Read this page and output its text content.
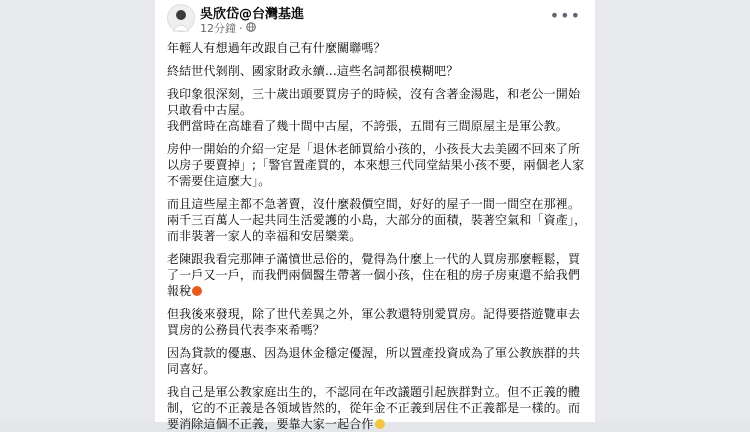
吳欣岱@台灣基進
12分鐘 ·
•••

年輕人有想過年改跟自己有什麼關聯嗎？

終結世代剝削、國家財政永續...這些名詞都很模糊吧？

我印象很深刻，三十歲出頭要買房子的時候，沒有含著金湯匙，和老公一開始
只敢看中古屋。
我們當時在高雄看了幾十間中古屋，不誇張，五間有三間原屋主是軍公教。

房仲一開始的介紹一定是「退休老師買給小孩的，小孩長大去美國不回來了所
以房子要賣掉」;「警官置產買的，本來想三代同堂結果小孩不要，兩個老人家
不需要住這麼大」。

而且這些屋主都不急著賣，沒什麼殺價空間，好好的屋子一間一間空在那裡。
兩千三百萬人一起共同生活愛護的小島，大部分的面積，裝著空氣和「資產」，
而非裝著一家人的幸福和安居樂業。

老陳跟我看完那陣子滿憤世忌俗的，覺得為什麼上一代的人買房那麼輕鬆，買
了一戶又一戶，而我們兩個醫生帶著一個小孩，住在租的房子房東還不給我們
報稅

但我後來發現，除了世代差異之外，軍公教還特別愛買房。記得要搭遊覽車去
買房的公務員代表李來希嗎？

因為貸款的優惠、因為退休金穩定優渥，所以置產投資成為了軍公教族群的共
同喜好。

我自己是軍公教家庭出生的，不認同在年改議題引起族群對立。但不正義的體
制，它的不正義是各領域皆然的，從年金不正義到居住不正義都是一樣的。而
要消除這個不正義，要靠大家一起合作
